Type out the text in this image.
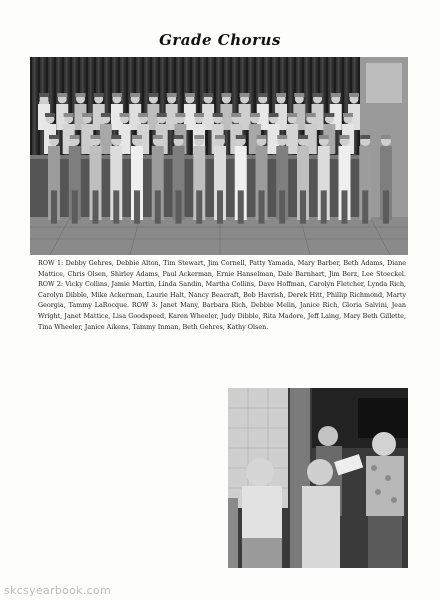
Grade Chorus
ROW 1: Debby Gehres, Debbie Alton, Tim Stewart, Jim Cornell, Patty Yamada, Mary Barber, Beth Adams, Diane Mattice, Chris Olsen, Shirley Adams, Paul Ackerman, Ernie Hanselman, Dale Barnhart, Jim Berz, Lee Stoeckel. ROW 2: Vicky Collins, Jamie Martin, Linda Sandin, Martha Collins, Dave Hoffman, Carolyn Fletcher, Lynda Rich, Carolyn Dibble, Mike Ackerman, Laurie Halt, Nancy Beacraft, Bob Havrish, Derek Hitt, Phillip Richmond, Marty Georgia, Tammy LaRocque. ROW 3: Janet Many, Barbara Rich, Debbie Melin, Janice Rich, Gloria Salvini, Jean Wright, Janet Mattice, Lisa Goodspeed, Karen Wheeler, Judy Dibble, Rita Madore, Jeff Laing, Mary Beth Gillette, Tina Wheeler, Janice Aikens, Tammy Inman, Beth Gehres, Kathy Olsen.
skcsyearbook.com
